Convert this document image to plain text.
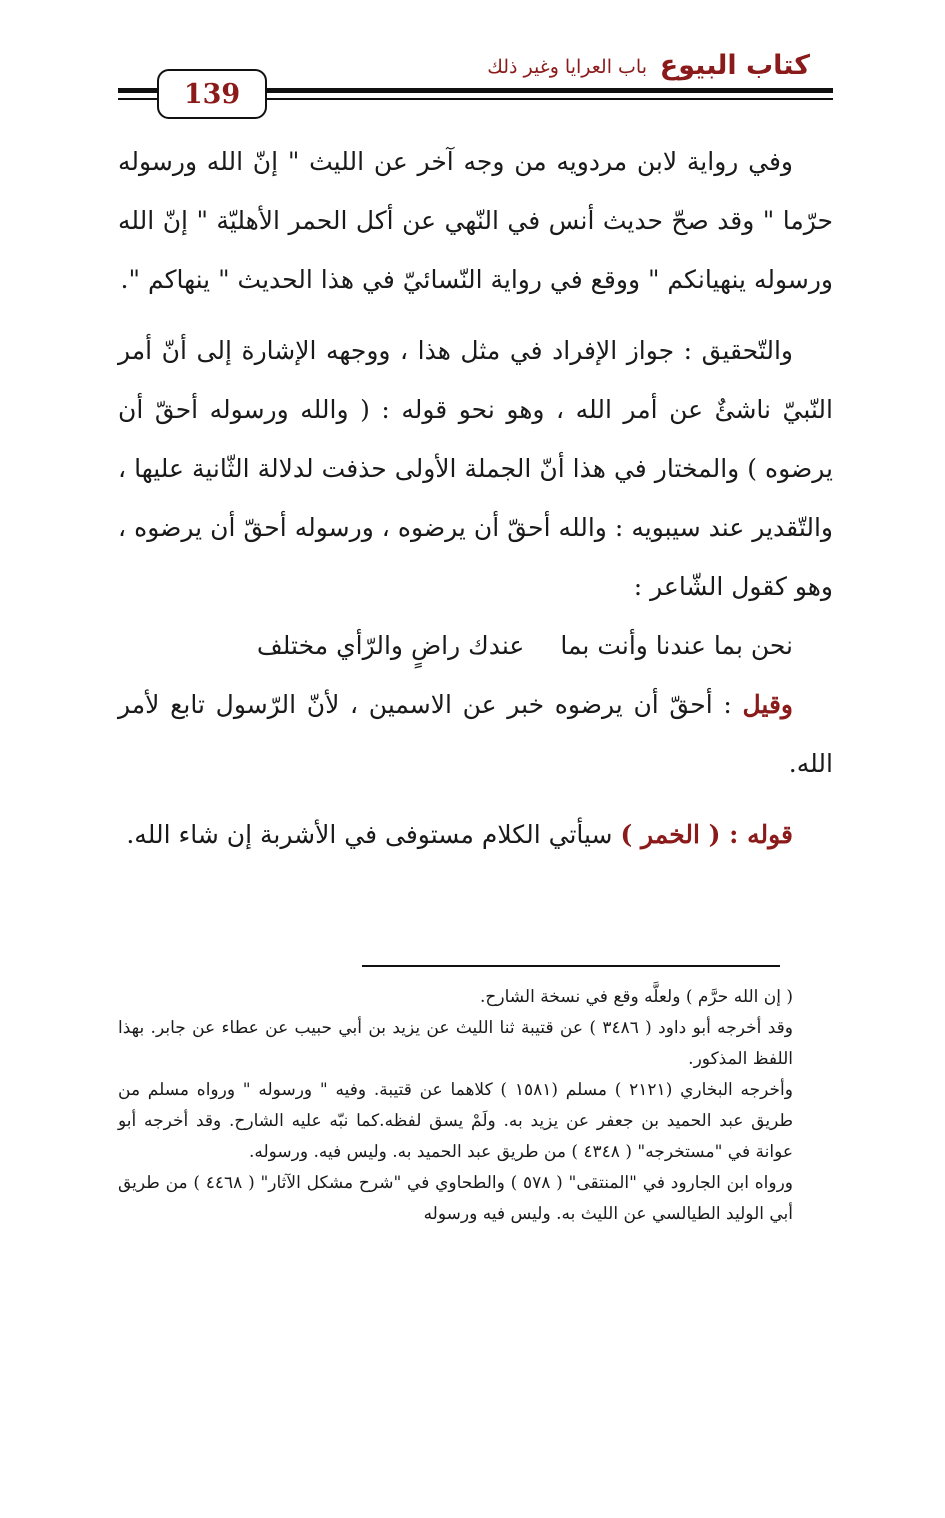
كتاب البيوع
باب العرايا وغير ذلك
139

وفي رواية لابن مردويه من وجه آخر عن الليث " إنّ الله ورسوله حرّما " وقد صحّ حديث أنس في النّهي عن أكل الحمر الأهليّة " إنّ الله ورسوله ينهيانكم " ووقع في رواية النّسائيّ في هذا الحديث " ينهاكم ".

والتّحقيق : جواز الإفراد في مثل هذا ، ووجهه الإشارة إلى أنّ أمر النّبيّ ناشئٌ عن أمر الله ، وهو نحو قوله : ( والله ورسوله أحقّ أن يرضوه ) والمختار في هذا أنّ الجملة الأولى حذفت لدلالة الثّانية عليها ، والتّقدير عند سيبويه : والله أحقّ أن يرضوه ، ورسوله أحقّ أن يرضوه ، وهو كقول الشّاعر :

نحن بما عندنا وأنت بماعندك راضٍ والرّأي مختلف

وقيل : أحقّ أن يرضوه خبر عن الاسمين ، لأنّ الرّسول تابع لأمر الله.

قوله : ( الخمر ) سيأتي الكلام مستوفى في الأشربة إن شاء الله.

( إن الله حرَّم ) ولعلَّه وقع في نسخة الشارح.

وقد أخرجه أبو داود ( ٣٤٨٦ ) عن قتيبة ثنا الليث عن يزيد بن أبي حبيب عن عطاء عن جابر. بهذا اللفظ المذكور.

وأخرجه البخاري (٢١٢١ ) مسلم (١٥٨١ ) كلاهما عن قتيبة. وفيه " ورسوله " ورواه مسلم من طريق عبد الحميد بن جعفر عن يزيد به. ولَمْ يسق لفظه.كما نبّه عليه الشارح. وقد أخرجه أبو عوانة في "مستخرجه" ( ٤٣٤٨ ) من طريق عبد الحميد به. وليس فيه. ورسوله.

ورواه ابن الجارود في "المنتقى" ( ٥٧٨ ) والطحاوي في "شرح مشكل الآثار" ( ٤٤٦٨ ) من طريق أبي الوليد الطيالسي عن الليث به. وليس فيه ورسوله
